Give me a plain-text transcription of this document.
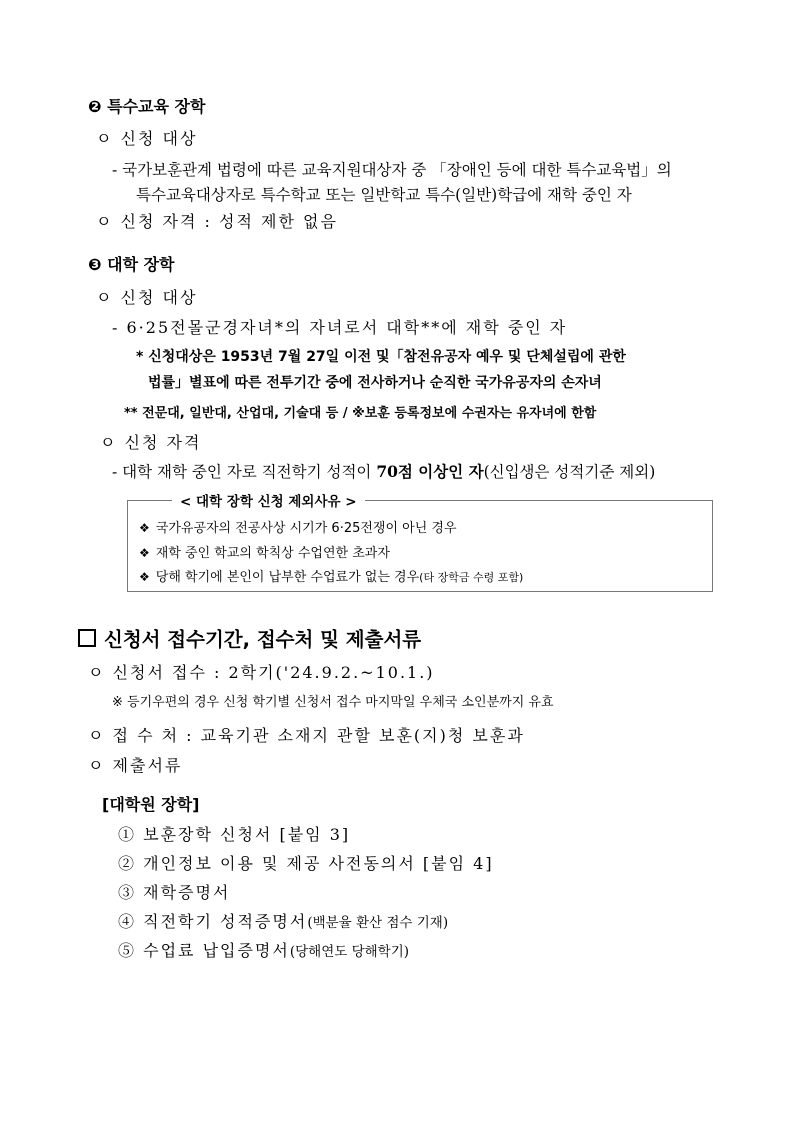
❷ 특수교육 장학
ㅇ 신청 대상
- 국가보훈관계 법령에 따른 교육지원대상자 중 「장애인 등에 대한 특수교육법」의
특수교육대상자로 특수학교 또는 일반학교 특수(일반)학급에 재학 중인 자
ㅇ 신청 자격 : 성적 제한 없음
❸ 대학 장학
ㅇ 신청 대상
- 6·25전몰군경자녀*의 자녀로서 대학**에 재학 중인 자
* 신청대상은 1953년 7월 27일 이전 및「참전유공자 예우 및 단체설립에 관한
법률」별표에 따른 전투기간 중에 전사하거나 순직한 국가유공자의 손자녀
** 전문대, 일반대, 산업대, 기술대 등 / ※보훈 등록정보에 수권자는 유자녀에 한함
ㅇ 신청 자격
- 대학 재학 중인 자로 직전학기 성적이 70점 이상인 자(신입생은 성적기준 제외)
< 대학 장학 신청 제외사유 >
❖ 국가유공자의 전공사상 시기가 6·25전쟁이 아닌 경우
❖ 재학 중인 학교의 학칙상 수업연한 초과자
❖ 당해 학기에 본인이 납부한 수업료가 없는 경우(타 장학금 수령 포함)
신청서 접수기간, 접수처 및 제출서류
ㅇ 신청서 접수 : 2학기('24.9.2.~10.1.)
※ 등기우편의 경우 신청 학기별 신청서 접수 마지막일 우체국 소인분까지 유효
ㅇ 접 수 처 : 교육기관 소재지 관할 보훈(지)청 보훈과
ㅇ 제출서류
[대학원 장학]
① 보훈장학 신청서 [붙임 3]
② 개인정보 이용 및 제공 사전동의서 [붙임 4]
③ 재학증명서
④ 직전학기 성적증명서(백분율 환산 점수 기재)
⑤ 수업료 납입증명서(당해연도 당해학기)
